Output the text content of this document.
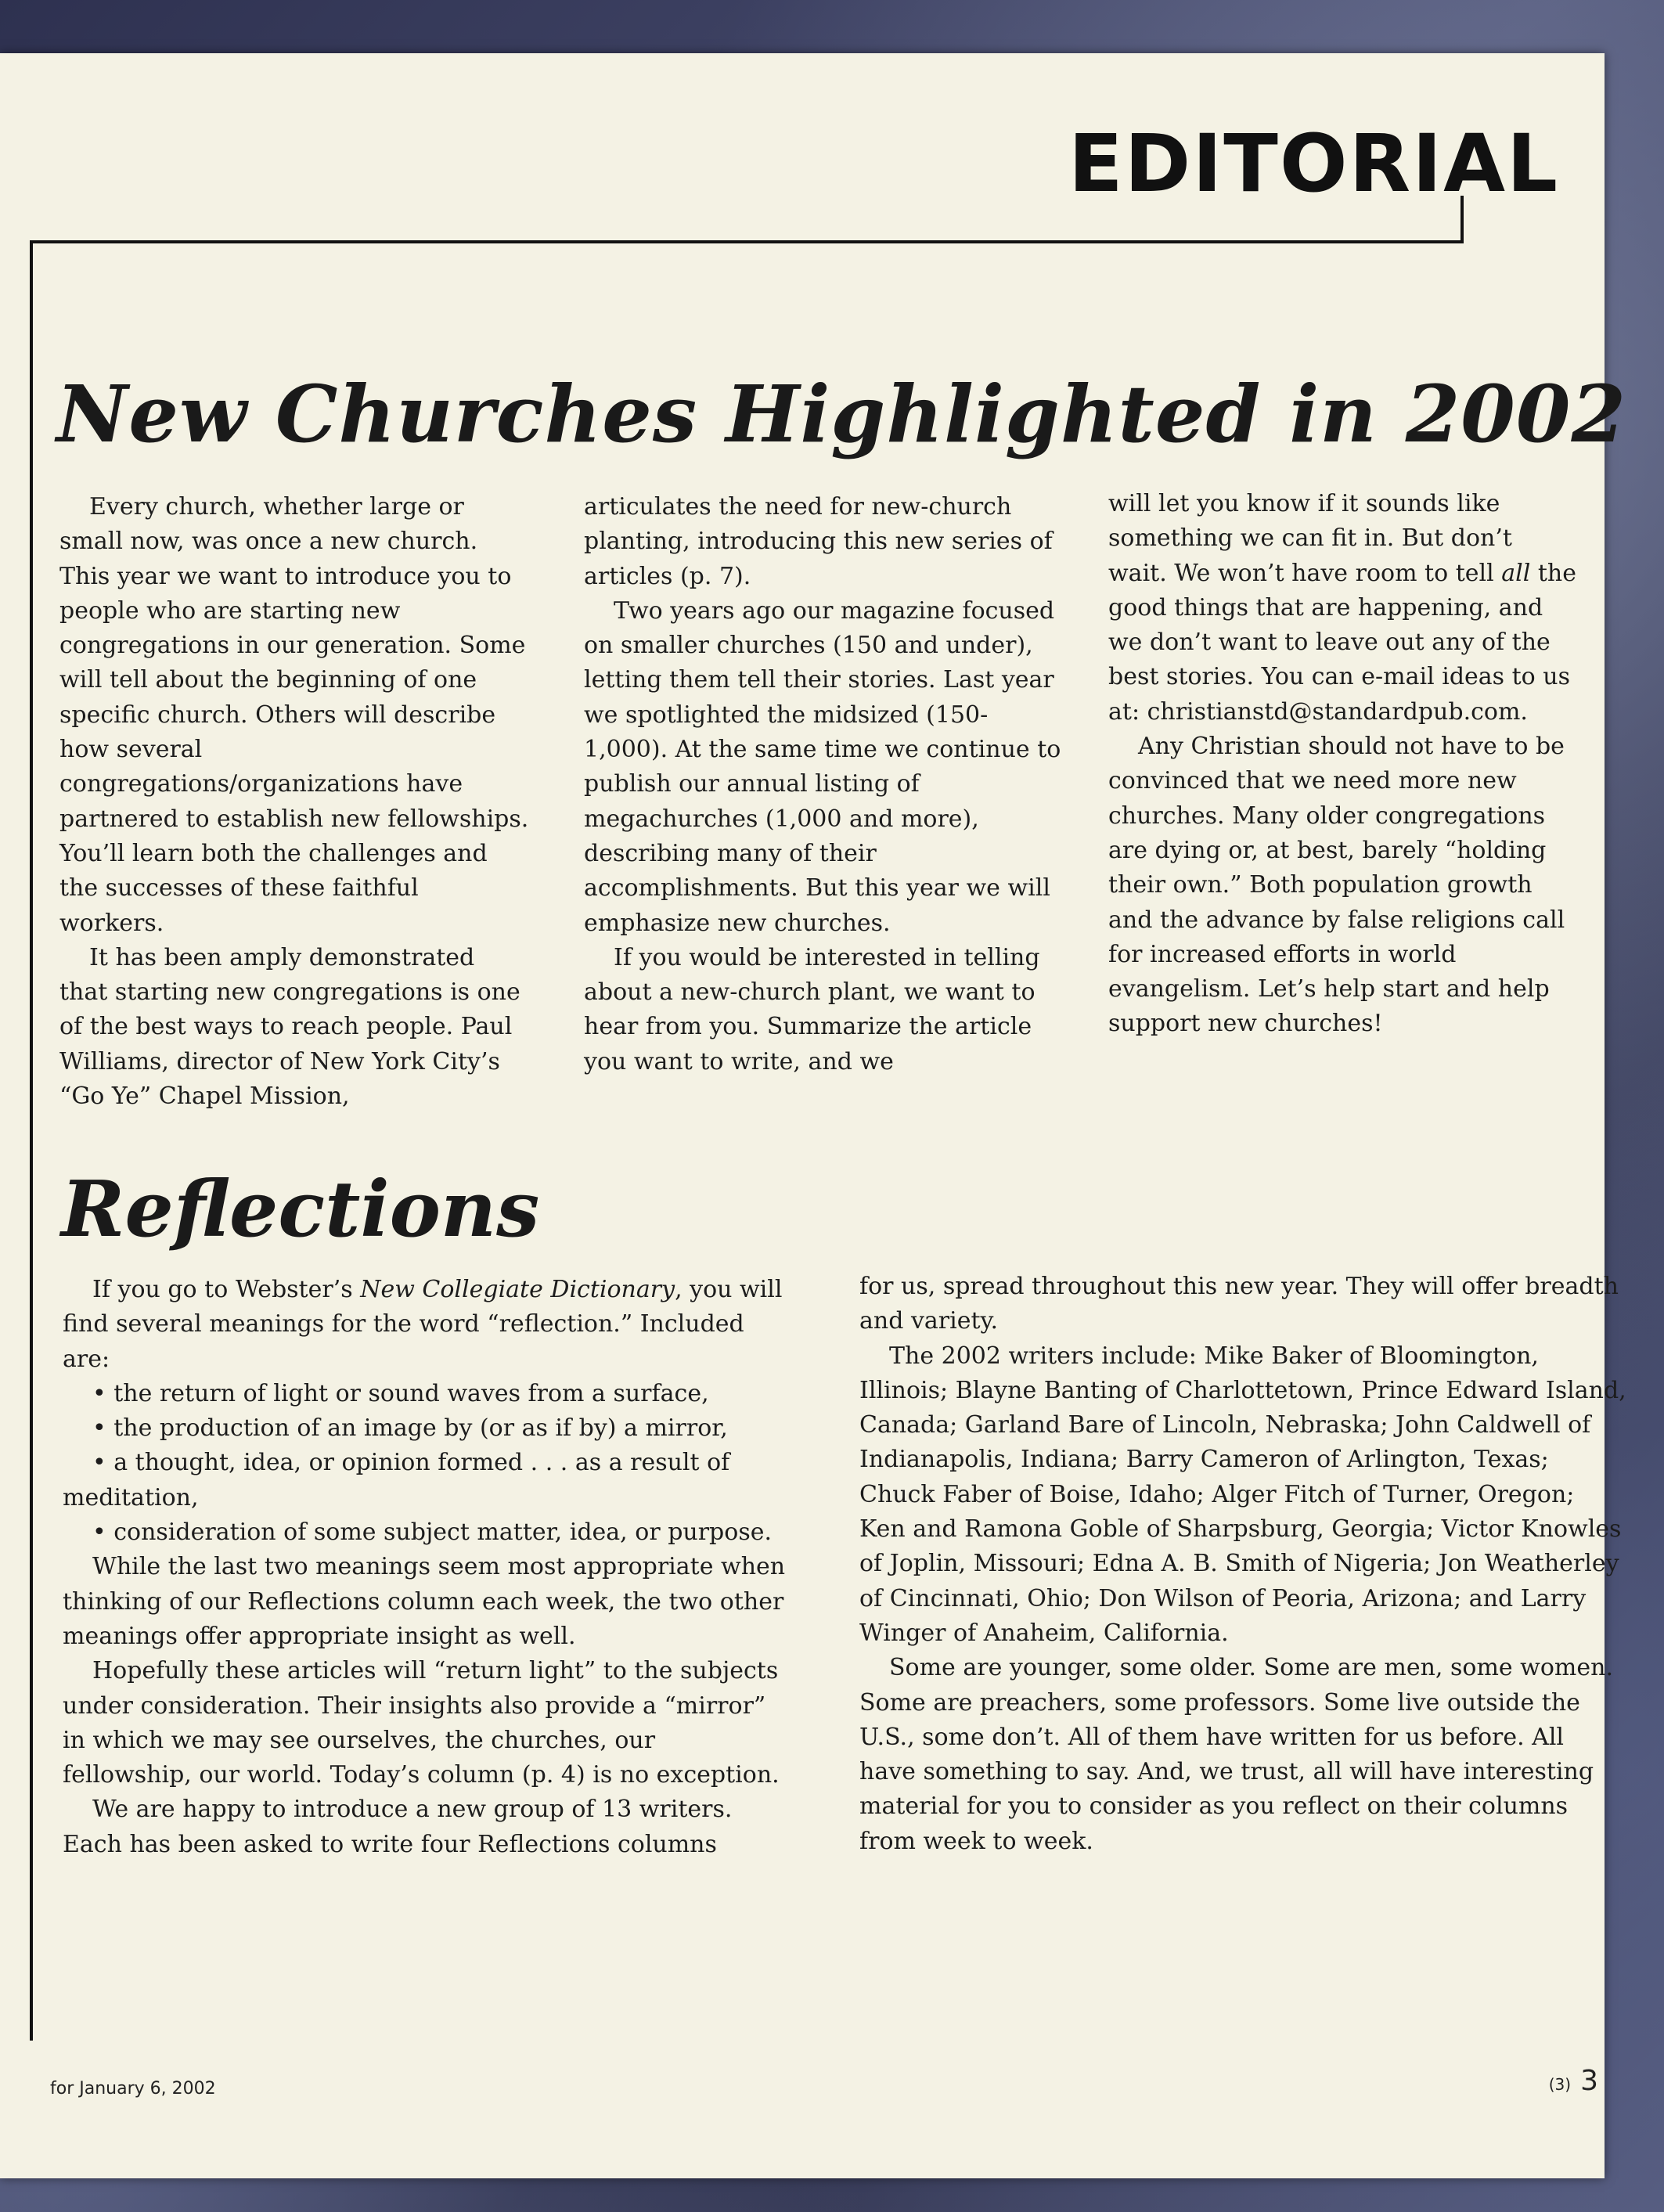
EDITORIAL
New Churches Highlighted in 2002

Every church, whether large or small now, was once a new church. This year we want to introduce you to people who are starting new congregations in our generation. Some will tell about the beginning of one specific church. Others will describe how several congregations/organizations have partnered to establish new fellowships. You’ll learn both the challenges and the successes of these faithful workers.

It has been amply demonstrated that starting new congregations is one of the best ways to reach people. Paul Williams, director of New York City’s “Go Ye” Chapel Mission,

articulates the need for new-church planting, introducing this new series of articles (p. 7).

Two years ago our magazine focused on smaller churches (150 and under), letting them tell their stories. Last year we spotlighted the midsized (150-1,000). At the same time we continue to publish our annual listing of megachurches (1,000 and more), describing many of their accomplishments. But this year we will emphasize new churches.

If you would be interested in telling about a new-church plant, we want to hear from you. Summarize the article you want to write, and we

will let you know if it sounds like something we can fit in. But don’t wait. We won’t have room to tell all the good things that are happening, and we don’t want to leave out any of the best stories. You can e-mail ideas to us at: christianstd@standardpub.com.

Any Christian should not have to be convinced that we need more new churches. Many older congregations are dying or, at best, barely “holding their own.” Both population growth and the advance by false religions call for increased efforts in world evangelism. Let’s help start and help support new churches!

Reflections

If you go to Webster’s New Collegiate Dictionary, you will find several meanings for the word “reflection.” Included are:

• the return of light or sound waves from a surface,
• the production of an image by (or as if by) a mirror,
• a thought, idea, or opinion formed . . . as a result of meditation,
• consideration of some subject matter, idea, or purpose.

While the last two meanings seem most appropriate when thinking of our Reflections column each week, the two other meanings offer appropriate insight as well.

Hopefully these articles will “return light” to the subjects under consideration. Their insights also provide a “mirror” in which we may see ourselves, the churches, our fellowship, our world. Today’s column (p. 4) is no exception.

We are happy to introduce a new group of 13 writers. Each has been asked to write four Reflections columns

for us, spread throughout this new year. They will offer breadth and variety.

The 2002 writers include: Mike Baker of Bloomington, Illinois; Blayne Banting of Charlottetown, Prince Edward Island, Canada; Garland Bare of Lincoln, Nebraska; John Caldwell of Indianapolis, Indiana; Barry Cameron of Arlington, Texas; Chuck Faber of Boise, Idaho; Alger Fitch of Turner, Oregon; Ken and Ramona Goble of Sharpsburg, Georgia; Victor Knowles of Joplin, Missouri; Edna A. B. Smith of Nigeria; Jon Weatherley of Cincinnati, Ohio; Don Wilson of Peoria, Arizona; and Larry Winger of Anaheim, California.

Some are younger, some older. Some are men, some women. Some are preachers, some professors. Some live outside the U.S., some don’t. All of them have written for us before. All have something to say. And, we trust, all will have interesting material for you to consider as you reflect on their columns from week to week.

for January 6, 2002	(3) 3
